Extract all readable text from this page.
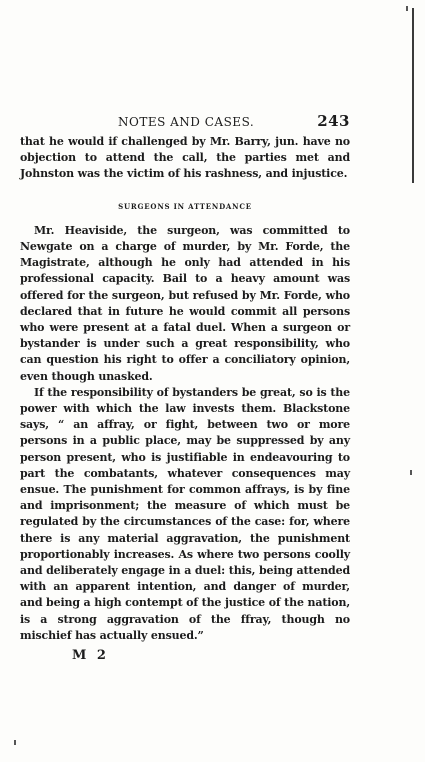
NOTES AND CASES.	243

that he would if challenged by Mr. Barry, jun. have no objection to attend the call, the parties met and Johnston was the victim of his rashness, and injustice.

SURGEONS IN ATTENDANCE

Mr. Heaviside, the surgeon, was committed to Newgate on a charge of murder, by Mr. Forde, the Magistrate, although he only had attended in his professional capacity. Bail to a heavy amount was offered for the surgeon, but refused by Mr. Forde, who declared that in future he would commit all persons who were present at a fatal duel. When a surgeon or bystander is under such a great responsibility, who can question his right to offer a conciliatory opinion, even though unasked.

If the responsibility of bystanders be great, so is the power with which the law invests them. Blackstone says, “ an affray, or fight, between two or more persons in a public place, may be suppressed by any person present, who is justifiable in endeavouring to part the combatants, whatever consequences may ensue. The punishment for common affrays, is by fine and imprisonment; the measure of which must be regulated by the circumstances of the case: for, where there is any material aggravation, the punishment proportionably increases. As where two persons coolly and deliberately engage in a duel: this, being attended with an apparent intention, and danger of murder, and being a high contempt of the justice of the nation, is a strong aggravation of the ffray, though no mischief has actually ensued.”

M 2
